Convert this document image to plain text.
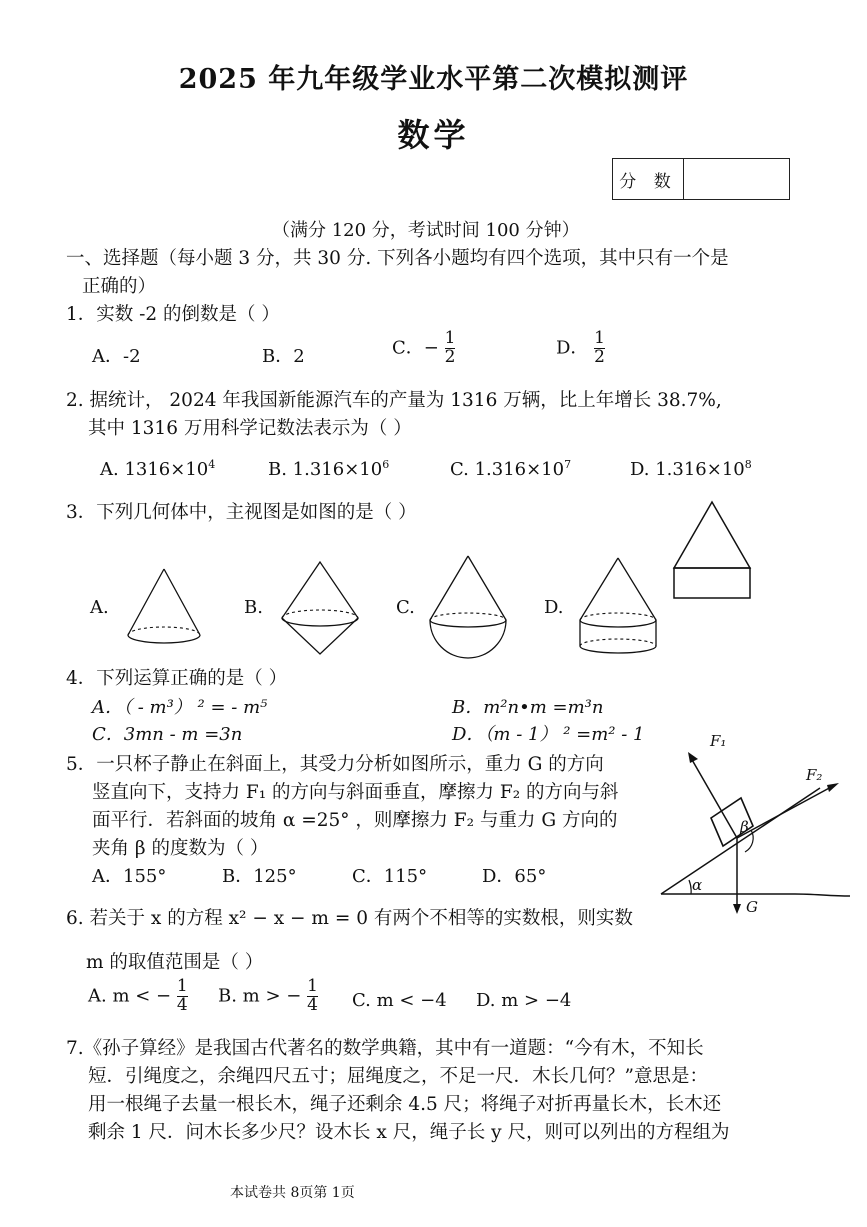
2025 年九年级学业水平第二次模拟测评
数学
分 数
（满分 120 分，考试时间 100 分钟）
一、选择题（每小题 3 分，共 30 分. 下列各小题均有四个选项，其中只有一个是
正确的）
1．实数 -2 的倒数是（ ）
A．-2	B．2	C．− $\frac{1}{2}$	D． $\frac{1}{2}$
2. 据统计， 2024 年我国新能源汽车的产量为 1316 万辆，比上年增长 38.7%,
其中 1316 万用科学记数法表示为（ ）
A. $1316\times 10^4$	B. $1.316\times 10^6$	C. $1.316\times 10^7$	D. $1.316\times 10^8$
3．下列几何体中，主视图是如图的是（ ）
A.	B.	C.	D.
4．下列运算正确的是（ ）
A．（ - m³） ² = - m⁵	B．m²n•m =m³n
C．3mn - m =3n	D．（m - 1） ² =m² - 1
5．一只杯子静止在斜面上，其受力分析如图所示，重力 G 的方向
竖直向下，支持力 F₁ 的方向与斜面垂直，摩擦力 F₂ 的方向与斜
面平行．若斜面的坡角 α =25° ，则摩擦力 F₂ 与重力 G 方向的
夹角 β 的度数为（ ）
A．155°	B．125°	C．115°	D．65°
F₁
F₂
β
α
G
6. 若关于 x 的方程 x² − x − m = 0 有两个不相等的实数根，则实数
m 的取值范围是（ ）
A. m < − $\frac{1}{4} B$. m > − $\frac{1}{4} C$. m < −4 D. m > −4
7.《孙子算经》是我国古代著名的数学典籍，其中有一道题：“今有木，不知长
短．引绳度之，余绳四尺五寸；屈绳度之，不足一尺．木长几何？”意思是：
用一根绳子去量一根长木，绳子还剩余 4.5 尺；将绳子对折再量长木，长木还
剩余 1 尺．问木长多少尺？设木长 x 尺，绳子长 y 尺，则可以列出的方程组为
本试卷共 8页第 1页
